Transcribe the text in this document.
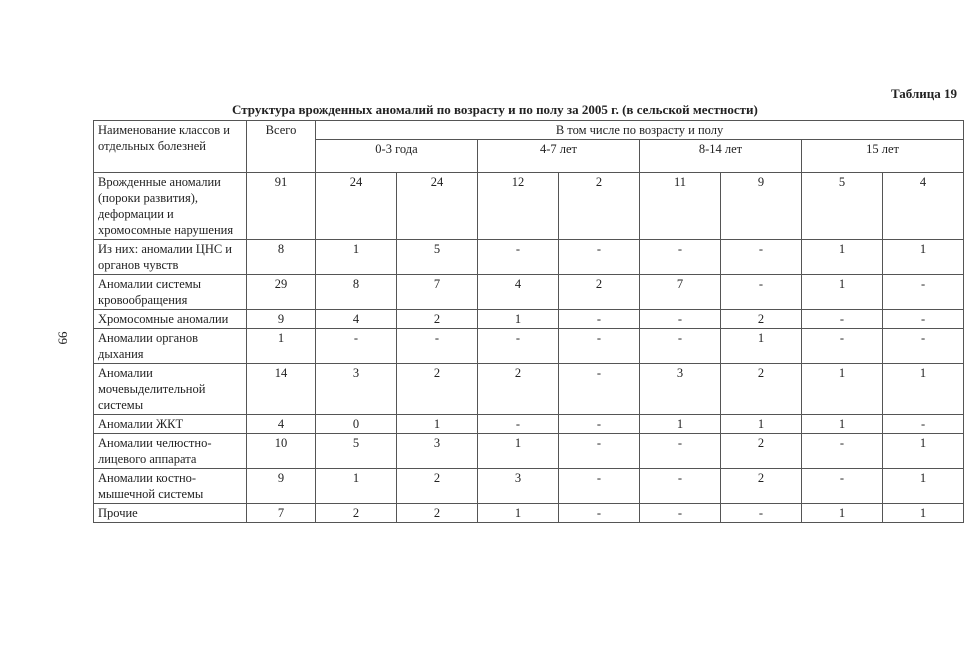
Таблица 19
Структура врожденных аномалий по возрасту и по полу за 2005 г. (в сельской местности)
99
Наименование классов и отдельных болезней	Всего	В том числе по возрасту и полу							
		0-3 года		4-7 лет		8-14 лет		15 лет	
Врожденные аномалии (пороки развития), деформации и хромосомные нарушения	91	24	24	12	2	11	9	5	4
Из них: аномалии ЦНС и органов чувств	8	1	5	-	-	-	-	1	1
Аномалии системы кровообращения	29	8	7	4	2	7	-	1	-
Хромосомные аномалии	9	4	2	1	-	-	2	-	-
Аномалии органов дыхания	1	-	-	-	-	-	1	-	-
Аномалии мочевыделительной системы	14	3	2	2	-	3	2	1	1
Аномалии ЖКТ	4	0	1	-	-	1	1	1	-
Аномалии челюстно-лицевого аппарата	10	5	3	1	-	-	2	-	1
Аномалии костно-мышечной системы	9	1	2	3	-	-	2	-	1
Прочие	7	2	2	1	-	-	-	1	1
